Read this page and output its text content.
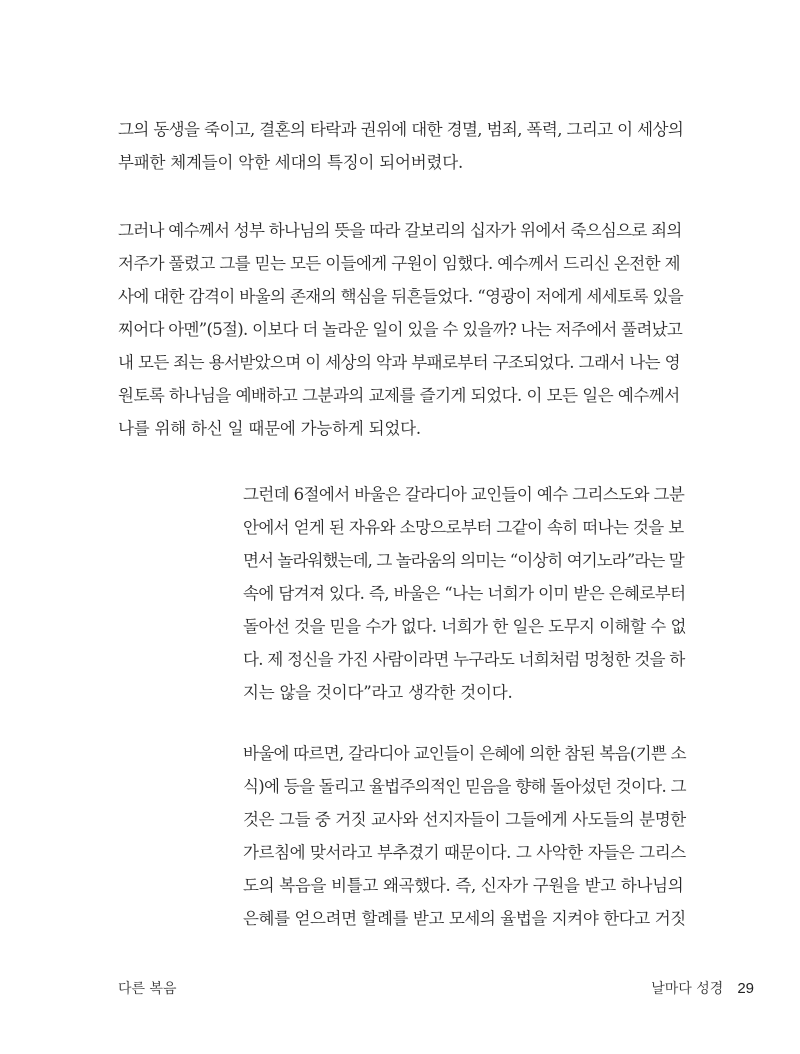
그의 동생을 죽이고, 결혼의 타락과 권위에 대한 경멸, 범죄, 폭력, 그리고 이 세상의
부패한 체계들이 악한 세대의 특징이 되어버렸다.
그러나 예수께서 성부 하나님의 뜻을 따라 갈보리의 십자가 위에서 죽으심으로 죄의
저주가 풀렸고 그를 믿는 모든 이들에게 구원이 임했다. 예수께서 드리신 온전한 제
사에 대한 감격이 바울의 존재의 핵심을 뒤흔들었다. “영광이 저에게 세세토록 있을
찌어다 아멘”(5절). 이보다 더 놀라운 일이 있을 수 있을까? 나는 저주에서 풀려났고
내 모든 죄는 용서받았으며 이 세상의 악과 부패로부터 구조되었다. 그래서 나는 영
원토록 하나님을 예배하고 그분과의 교제를 즐기게 되었다. 이 모든 일은 예수께서
나를 위해 하신 일 때문에 가능하게 되었다.
그런데 6절에서 바울은 갈라디아 교인들이 예수 그리스도와 그분
안에서 얻게 된 자유와 소망으로부터 그같이 속히 떠나는 것을 보
면서 놀라워했는데, 그 놀라움의 의미는 “이상히 여기노라”라는 말
속에 담겨져 있다. 즉, 바울은 “나는 너희가 이미 받은 은혜로부터
돌아선 것을 믿을 수가 없다. 너희가 한 일은 도무지 이해할 수 없
다. 제 정신을 가진 사람이라면 누구라도 너희처럼 멍청한 것을 하
지는 않을 것이다”라고 생각한 것이다.
바울에 따르면, 갈라디아 교인들이 은혜에 의한 참된 복음(기쁜 소
식)에 등을 돌리고 율법주의적인 믿음을 향해 돌아섰던 것이다. 그
것은 그들 중 거짓 교사와 선지자들이 그들에게 사도들의 분명한
가르침에 맞서라고 부추겼기 때문이다. 그 사악한 자들은 그리스
도의 복음을 비틀고 왜곡했다. 즉, 신자가 구원을 받고 하나님의
은혜를 얻으려면 할례를 받고 모세의 율법을 지켜야 한다고 거짓
다른 복음	날마다 성경 29
